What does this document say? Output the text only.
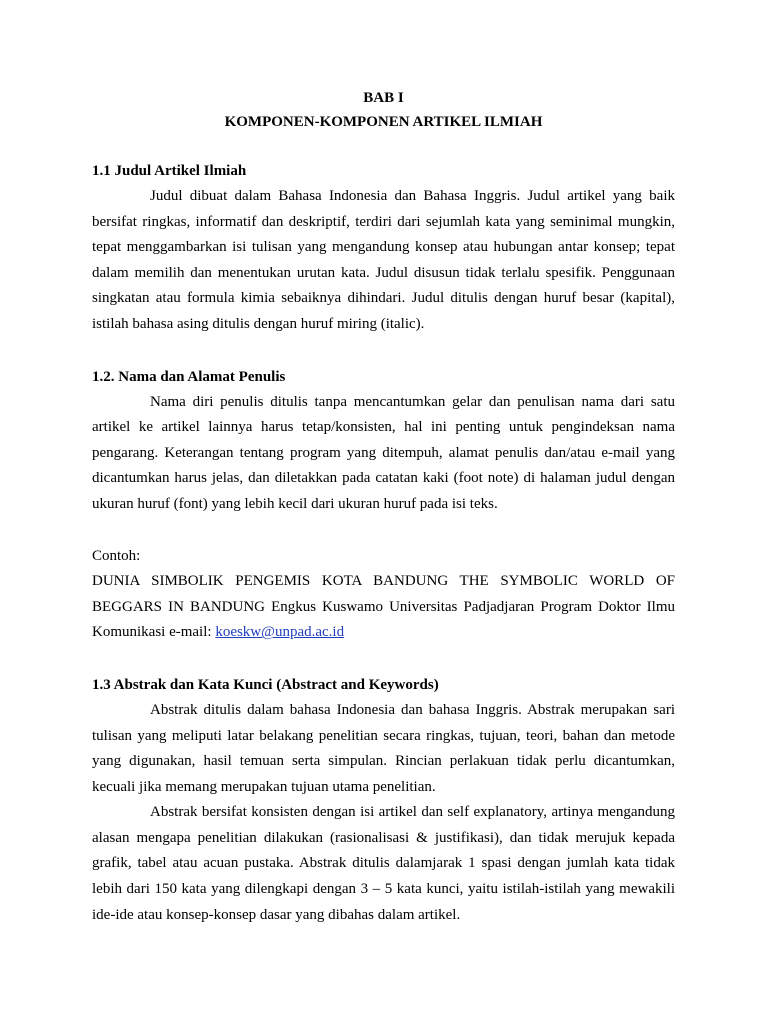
BAB I
KOMPONEN-KOMPONEN ARTIKEL ILMIAH
1.1 Judul Artikel Ilmiah

Judul dibuat dalam Bahasa Indonesia dan Bahasa Inggris. Judul artikel yang baik bersifat ringkas, informatif dan deskriptif, terdiri dari sejumlah kata yang seminimal mungkin, tepat menggambarkan isi tulisan yang mengandung konsep atau hubungan antar konsep; tepat dalam memilih dan menentukan urutan kata. Judul disusun tidak terlalu spesifik. Penggunaan singkatan atau formula kimia sebaiknya dihindari. Judul ditulis dengan huruf besar (kapital), istilah bahasa asing ditulis dengan huruf miring (italic).

1.2. Nama dan Alamat Penulis

Nama diri penulis ditulis tanpa mencantumkan gelar dan penulisan nama dari satu artikel ke artikel lainnya harus tetap/konsisten, hal ini penting untuk pengindeksan nama pengarang. Keterangan tentang program yang ditempuh, alamat penulis dan/atau e-mail yang dicantumkan harus jelas, dan diletakkan pada catatan kaki (foot note) di halaman judul dengan ukuran huruf (font) yang lebih kecil dari ukuran huruf pada isi teks.

Contoh:

DUNIA SIMBOLIK PENGEMIS KOTA BANDUNG THE SYMBOLIC WORLD OF BEGGARS IN BANDUNG Engkus Kuswamo Universitas Padjadjaran Program Doktor Ilmu Komunikasi e-mail: koeskw@unpad.ac.id

1.3 Abstrak dan Kata Kunci (Abstract and Keywords)

Abstrak ditulis dalam bahasa Indonesia dan bahasa Inggris. Abstrak merupakan sari tulisan yang meliputi latar belakang penelitian secara ringkas, tujuan, teori, bahan dan metode yang digunakan, hasil temuan serta simpulan. Rincian perlakuan tidak perlu dicantumkan, kecuali jika memang merupakan tujuan utama penelitian.

Abstrak bersifat konsisten dengan isi artikel dan self explanatory, artinya mengandung alasan mengapa penelitian dilakukan (rasionalisasi & justifikasi), dan tidak merujuk kepada grafik, tabel atau acuan pustaka. Abstrak ditulis dalamjarak 1 spasi dengan jumlah kata tidak lebih dari 150 kata yang dilengkapi dengan 3 – 5 kata kunci, yaitu istilah-istilah yang mewakili ide-ide atau konsep-konsep dasar yang dibahas dalam artikel.
